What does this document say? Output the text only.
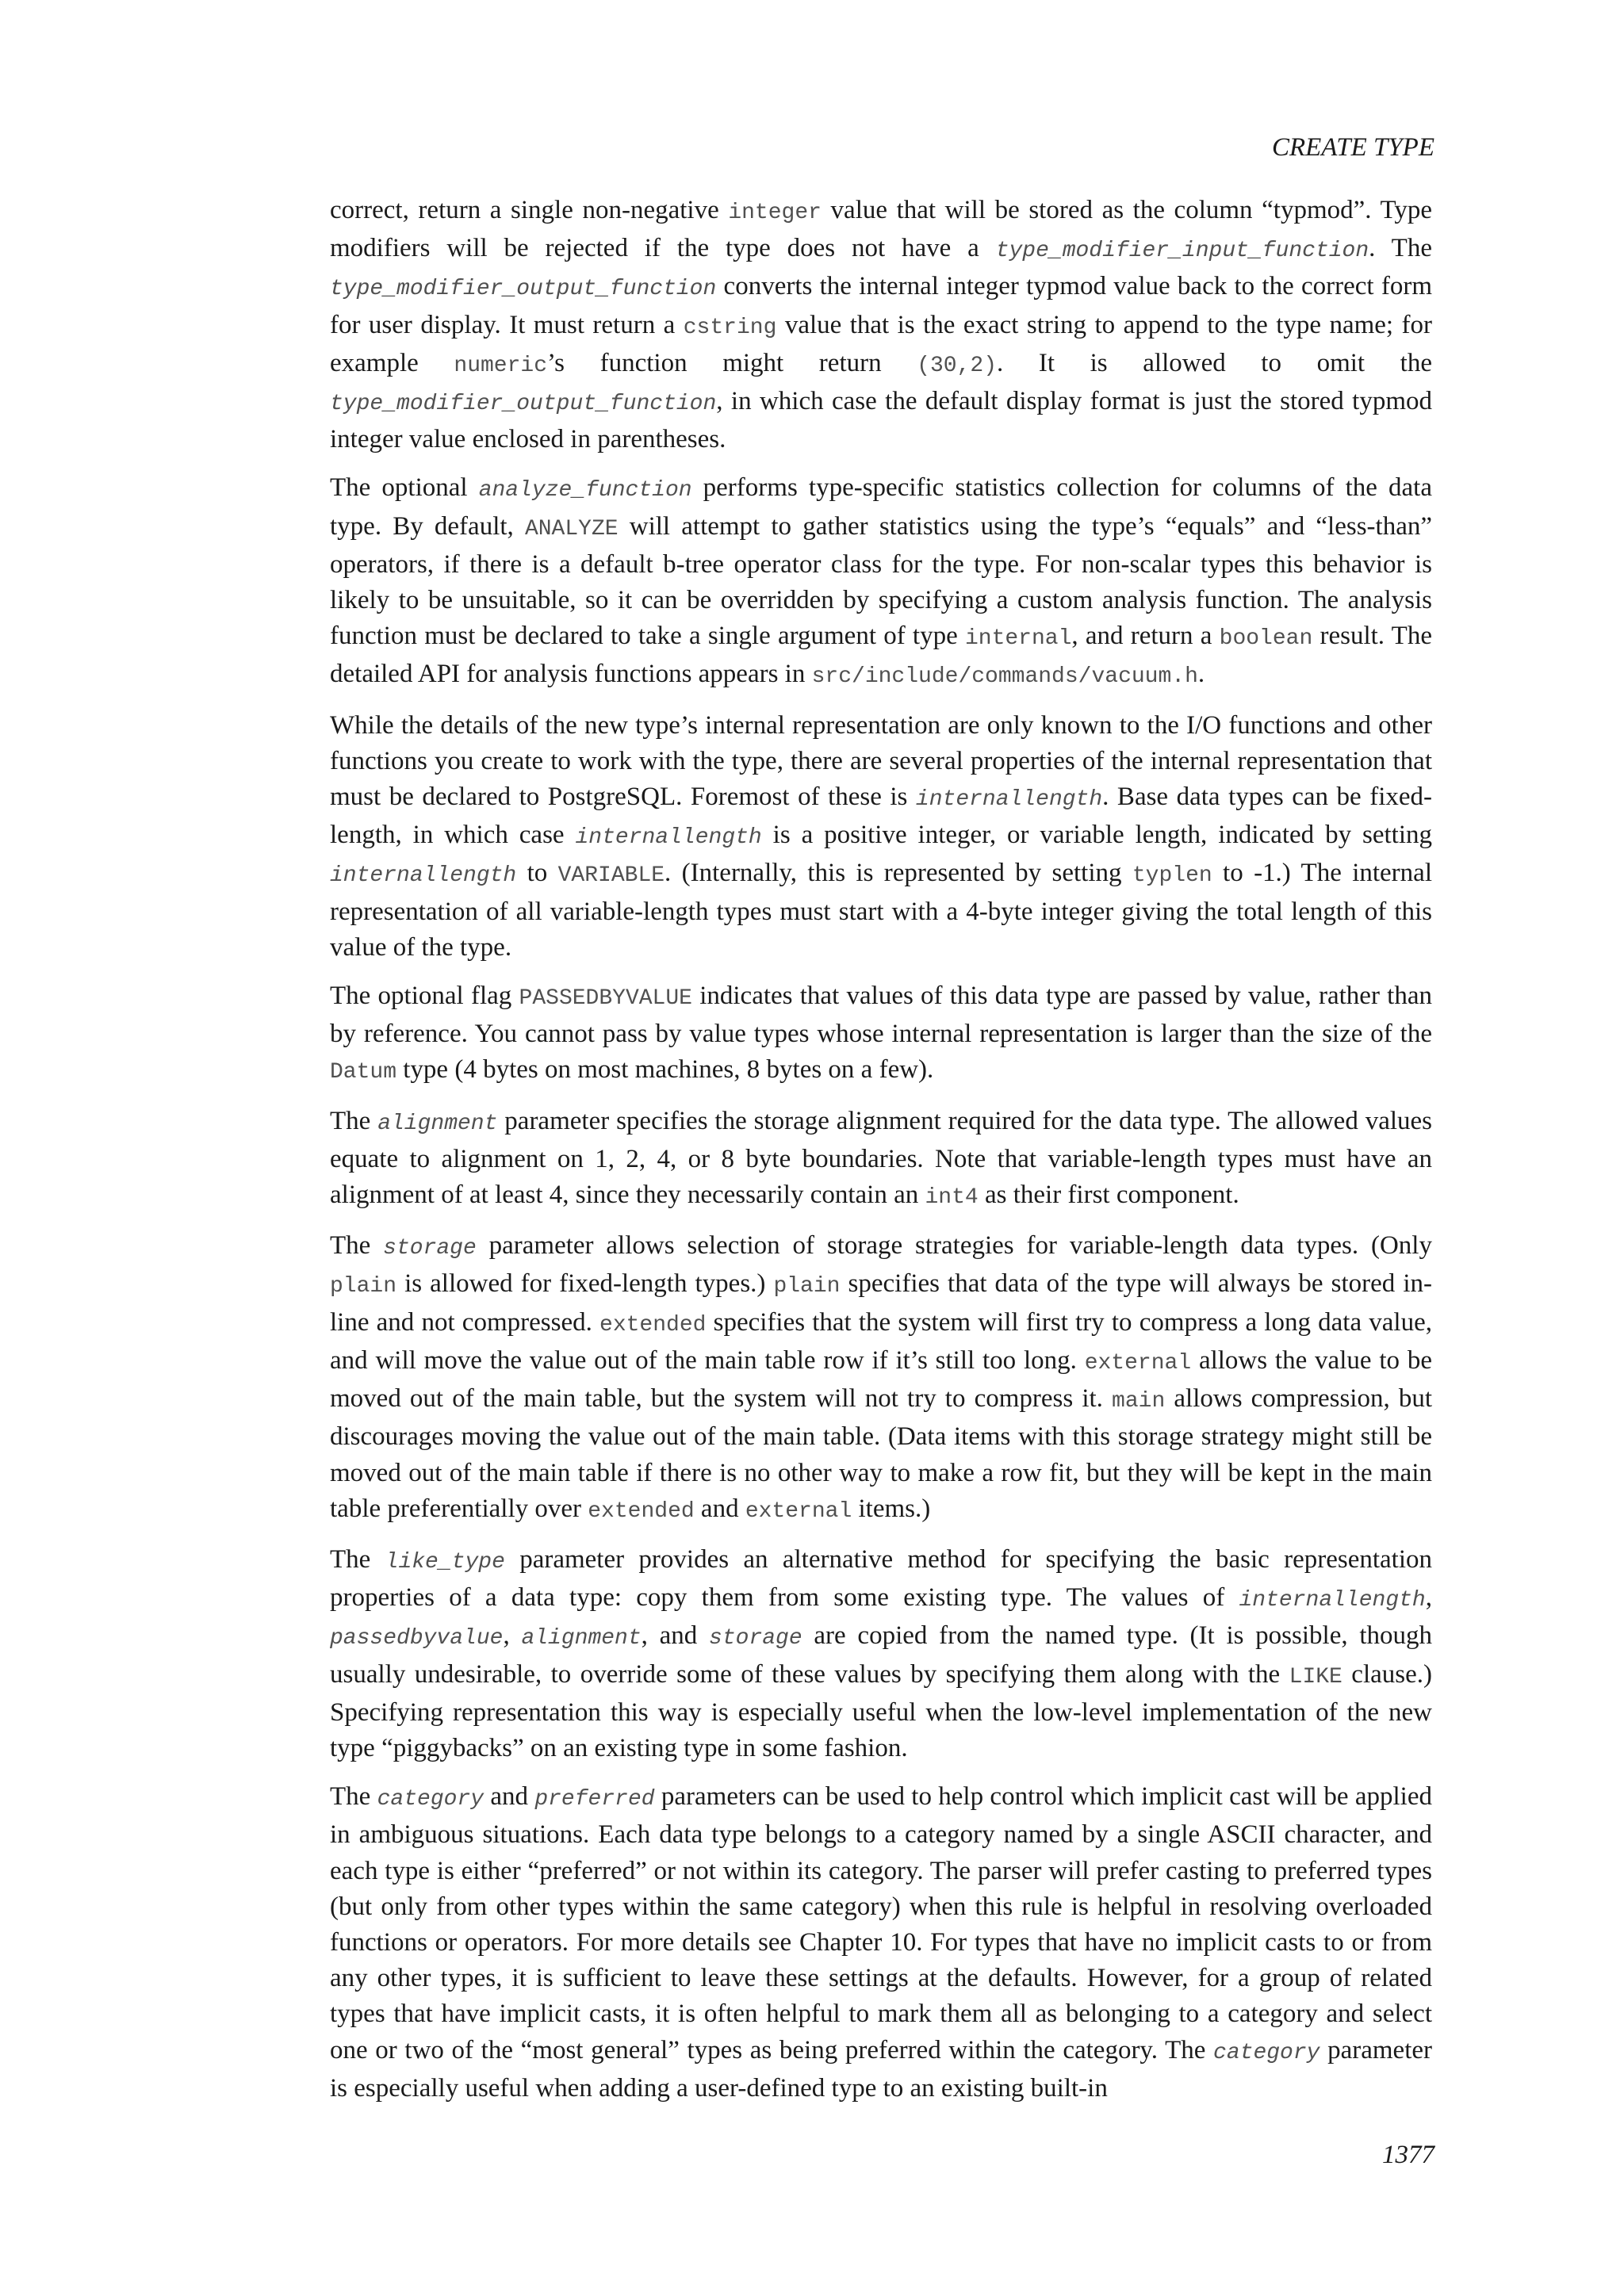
CREATE TYPE

correct, return a single non-negative integer value that will be stored as the column “typmod”. Type modifiers will be rejected if the type does not have a type_modifier_input_function. The type_modifier_output_function converts the internal integer typmod value back to the correct form for user display. It must return a cstring value that is the exact string to append to the type name; for example numeric’s function might return (30,2). It is allowed to omit the type_modifier_output_function, in which case the default display format is just the stored typmod integer value enclosed in parentheses.

The optional analyze_function performs type-specific statistics collection for columns of the data type. By default, ANALYZE will attempt to gather statistics using the type’s “equals” and “less-than” operators, if there is a default b-tree operator class for the type. For non-scalar types this behavior is likely to be unsuitable, so it can be overridden by specifying a custom analysis function. The analysis function must be declared to take a single argument of type internal, and return a boolean result. The detailed API for analysis functions appears in src/include/commands/vacuum.h.

While the details of the new type’s internal representation are only known to the I/O functions and other functions you create to work with the type, there are several properties of the internal representation that must be declared to PostgreSQL. Foremost of these is internallength. Base data types can be fixed-length, in which case internallength is a positive integer, or variable length, indicated by setting internallength to VARIABLE. (Internally, this is represented by setting typlen to -1.) The internal representation of all variable-length types must start with a 4-byte integer giving the total length of this value of the type.

The optional flag PASSEDBYVALUE indicates that values of this data type are passed by value, rather than by reference. You cannot pass by value types whose internal representation is larger than the size of the Datum type (4 bytes on most machines, 8 bytes on a few).

The alignment parameter specifies the storage alignment required for the data type. The allowed values equate to alignment on 1, 2, 4, or 8 byte boundaries. Note that variable-length types must have an alignment of at least 4, since they necessarily contain an int4 as their first component.

The storage parameter allows selection of storage strategies for variable-length data types. (Only plain is allowed for fixed-length types.) plain specifies that data of the type will always be stored in-line and not compressed. extended specifies that the system will first try to compress a long data value, and will move the value out of the main table row if it’s still too long. external allows the value to be moved out of the main table, but the system will not try to compress it. main allows compression, but discourages moving the value out of the main table. (Data items with this storage strategy might still be moved out of the main table if there is no other way to make a row fit, but they will be kept in the main table preferentially over extended and external items.)

The like_type parameter provides an alternative method for specifying the basic representation properties of a data type: copy them from some existing type. The values of internallength, passedbyvalue, alignment, and storage are copied from the named type. (It is possible, though usually undesirable, to override some of these values by specifying them along with the LIKE clause.) Specifying representation this way is especially useful when the low-level implementation of the new type “piggybacks” on an existing type in some fashion.

The category and preferred parameters can be used to help control which implicit cast will be applied in ambiguous situations. Each data type belongs to a category named by a single ASCII character, and each type is either “preferred” or not within its category. The parser will prefer casting to preferred types (but only from other types within the same category) when this rule is helpful in resolving overloaded functions or operators. For more details see Chapter 10. For types that have no implicit casts to or from any other types, it is sufficient to leave these settings at the defaults. However, for a group of related types that have implicit casts, it is often helpful to mark them all as belonging to a category and select one or two of the “most general” types as being preferred within the category. The category parameter is especially useful when adding a user-defined type to an existing built-in

1377
